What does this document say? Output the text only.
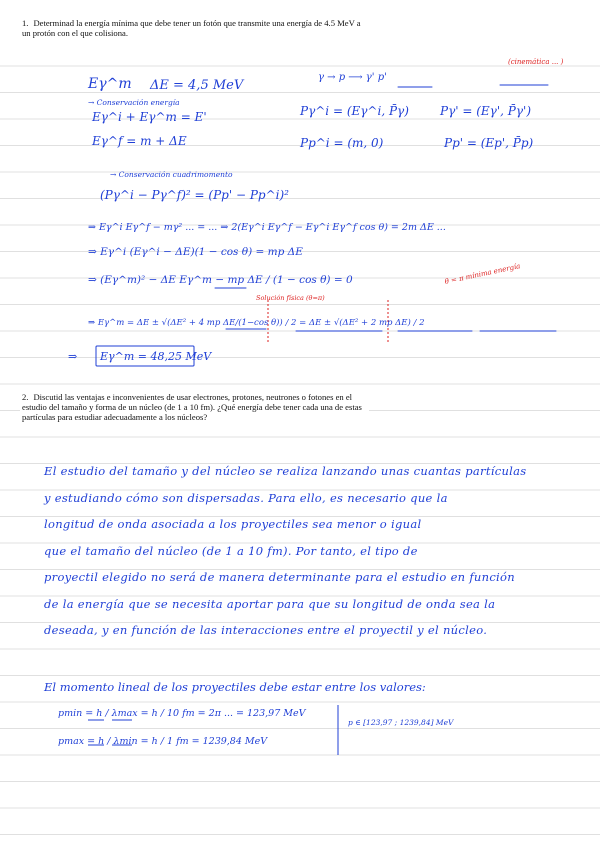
1. Determinad la energía mínima que debe tener un fotón que transmite una energía de 4.5 MeV a un protón con el que colisiona.
Eγ^m ΔE = 4,5 MeV
γ → p ⟶ γ' p'
(cinemática ... )
→ Conservación energía
Eγ^i + Eγ^m = E'	Pγ^i = (Eγ^i, P̄γ)	Pγ' = (Eγ', P̄γ')
Eγ^f = m + ΔE	Pp^i = (m, 0)	Pp' = (Ep', P̄p)
→ Conservación cuadrimomento
(Pγ^i − Pγ^f)² = (Pp' − Pp^i)²
⇒ Eγ^i Eγ^f − mγ² ... = ... ⇒ 2(Eγ^i Eγ^f − Eγ^i Eγ^f cos θ) = 2m ΔE ...
⇒ Eγ^i (Eγ^i − ΔE)(1 − cos θ) = mp ΔE
⇒ (Eγ^m)² − ΔE Eγ^m − mp ΔE / (1 − cos θ) = 0	θ = π mínima energía
⇒ Eγ^m = ΔE ± √(ΔE² + 4 mp ΔE/(1−cos θ)) / 2 = ΔE ± √(ΔE² + 2 mp ΔE) / 2
Solución física (θ=π)
⇒ Eγ^m = 48,25 MeV
2. Discutid las ventajas e inconvenientes de usar electrones, protones, neutrones o fotones en el estudio del tamaño y forma de un núcleo (de 1 a 10 fm). ¿Qué energía debe tener cada una de estas partículas para estudiar adecuadamente a los núcleos?
El estudio del tamaño y del núcleo se realiza lanzando unas cuantas partículas
y estudiando cómo son dispersadas. Para ello, es necesario que la
longitud de onda asociada a los proyectiles sea menor o igual
que el tamaño del núcleo (de 1 a 10 fm). Por tanto, el tipo de
proyectil elegido no será de manera determinante para el estudio en función
de la energía que se necesita aportar para que su longitud de onda sea la
deseada, y en función de las interacciones entre el proyectil y el núcleo.
El momento lineal de los proyectiles debe estar entre los valores:
pmin = h / λmax = h / 10 fm = 2π ... = 123,97 MeV
pmax = h / λmin = h / 1 fm = 1239,84 MeV
p ∈ [123,97 ; 1239,84] MeV
